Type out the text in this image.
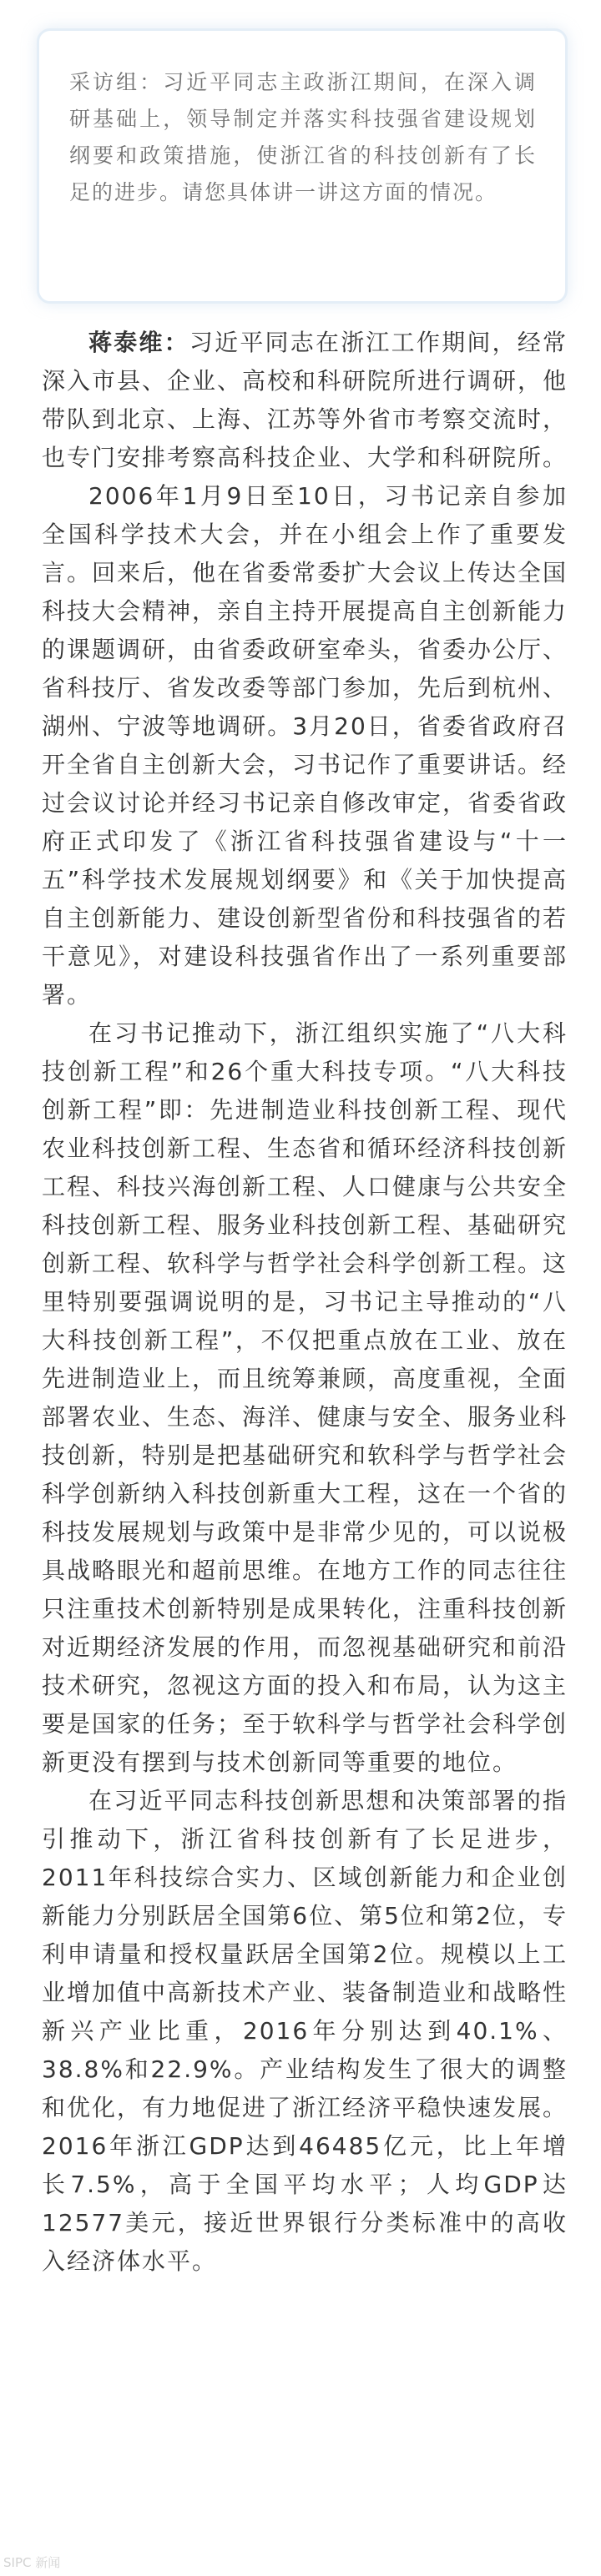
采访组：习近平同志主政浙江期间，在深入调研基础上，领导制定并落实科技强省建设规划纲要和政策措施，使浙江省的科技创新有了长足的进步。请您具体讲一讲这方面的情况。

蒋泰维：习近平同志在浙江工作期间，经常深入市县、企业、高校和科研院所进行调研，他带队到北京、上海、江苏等外省市考察交流时，也专门安排考察高科技企业、大学和科研院所。

2006年1月9日至10日，习书记亲自参加全国科学技术大会，并在小组会上作了重要发言。回来后，他在省委常委扩大会议上传达全国科技大会精神，亲自主持开展提高自主创新能力的课题调研，由省委政研室牵头，省委办公厅、省科技厅、省发改委等部门参加，先后到杭州、湖州、宁波等地调研。3月20日，省委省政府召开全省自主创新大会，习书记作了重要讲话。经过会议讨论并经习书记亲自修改审定，省委省政府正式印发了《浙江省科技强省建设与“十一五”科学技术发展规划纲要》和《关于加快提高自主创新能力、建设创新型省份和科技强省的若干意见》，对建设科技强省作出了一系列重要部署。

在习书记推动下，浙江组织实施了“八大科技创新工程”和26个重大科技专项。“八大科技创新工程”即：先进制造业科技创新工程、现代农业科技创新工程、生态省和循环经济科技创新工程、科技兴海创新工程、人口健康与公共安全科技创新工程、服务业科技创新工程、基础研究创新工程、软科学与哲学社会科学创新工程。这里特别要强调说明的是，习书记主导推动的“八大科技创新工程”，不仅把重点放在工业、放在先进制造业上，而且统筹兼顾，高度重视，全面部署农业、生态、海洋、健康与安全、服务业科技创新，特别是把基础研究和软科学与哲学社会科学创新纳入科技创新重大工程，这在一个省的科技发展规划与政策中是非常少见的，可以说极具战略眼光和超前思维。在地方工作的同志往往只注重技术创新特别是成果转化，注重科技创新对近期经济发展的作用，而忽视基础研究和前沿技术研究，忽视这方面的投入和布局，认为这主要是国家的任务；至于软科学与哲学社会科学创新更没有摆到与技术创新同等重要的地位。

在习近平同志科技创新思想和决策部署的指引推动下，浙江省科技创新有了长足进步，2011年科技综合实力、区域创新能力和企业创新能力分别跃居全国第6位、第5位和第2位，专利申请量和授权量跃居全国第2位。规模以上工业增加值中高新技术产业、装备制造业和战略性新兴产业比重，2016年分别达到40.1%、38.8%和22.9%。产业结构发生了很大的调整和优化，有力地促进了浙江经济平稳快速发展。2016年浙江GDP达到46485亿元，比上年增长7.5%，高于全国平均水平；人均GDP达12577美元，接近世界银行分类标准中的高收入经济体水平。

SIPC 新闻
